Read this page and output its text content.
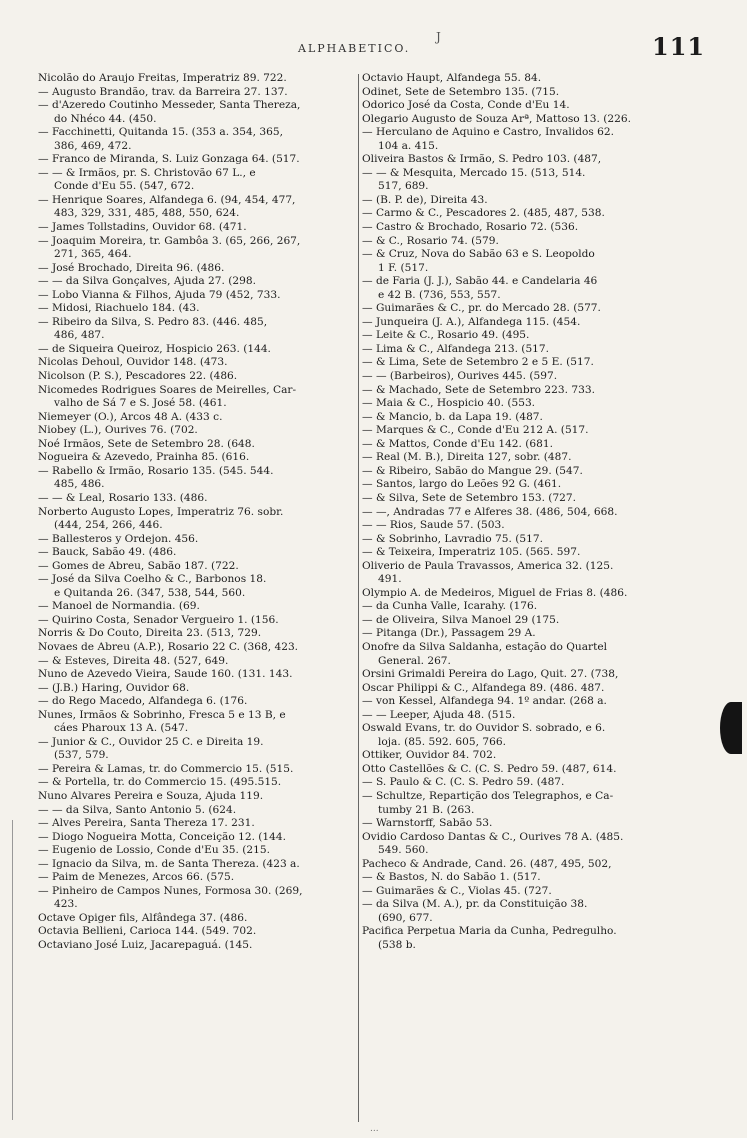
J
ALPHABETICO.	111
Nicolão do Araujo Freitas, Imperatriz 89. 722.
— Augusto Brandão, trav. da Barreira 27. 137.
— d'Azeredo Coutinho Messeder, Santa Thereza,
do Nhéco 44. (450.
— Facchinetti, Quitanda 15. (353 a. 354, 365,
386, 469, 472.
— Franco de Miranda, S. Luiz Gonzaga 64. (517.
— — & Irmãos, pr. S. Christovão 67 L., e
Conde d'Eu 55. (547, 672.
— Henrique Soares, Alfandega 6. (94, 454, 477,
483, 329, 331, 485, 488, 550, 624.
— James Tollstadins, Ouvidor 68. (471.
— Joaquim Moreira, tr. Gambôa 3. (65, 266, 267,
271, 365, 464.
— José Brochado, Direita 96. (486.
— — da Silva Gonçalves, Ajuda 27. (298.
— Lobo Vianna & Filhos, Ajuda 79 (452, 733.
— Midosi, Riachuelo 184. (43.
— Ribeiro da Silva, S. Pedro 83. (446. 485,
486, 487.
— de Siqueira Queiroz, Hospicio 263. (144.
Nicolas Dehoul, Ouvidor 148. (473.
Nicolson (P. S.), Pescadores 22. (486.
Nicomedes Rodrigues Soares de Meirelles, Car-
valho de Sá 7 e S. José 58. (461.
Niemeyer (O.), Arcos 48 A. (433 c.
Niobey (L.), Ourives 76. (702.
Noé Irmãos, Sete de Setembro 28. (648.
Nogueira & Azevedo, Prainha 85. (616.
— Rabello & Irmão, Rosario 135. (545. 544.
485, 486.
— — & Leal, Rosario 133. (486.
Norberto Augusto Lopes, Imperatriz 76. sobr.
(444, 254, 266, 446.
— Ballesteros y Ordejon. 456.
— Bauck, Sabão 49. (486.
— Gomes de Abreu, Sabão 187. (722.
— José da Silva Coelho & C., Barbonos 18.
e Quitanda 26. (347, 538, 544, 560.
— Manoel de Normandia. (69.
— Quirino Costa, Senador Vergueiro 1. (156.
Norris & Do Couto, Direita 23. (513, 729.
Novaes de Abreu (A.P.), Rosario 22 C. (368, 423.
— & Esteves, Direita 48. (527, 649.
Nuno de Azevedo Vieira, Saude 160. (131. 143.
— (J.B.) Haring, Ouvidor 68.
— do Rego Macedo, Alfandega 6. (176.
Nunes, Irmãos & Sobrinho, Fresca 5 e 13 B, e
cáes Pharoux 13 A. (547.
— Junior & C., Ouvidor 25 C. e Direita 19.
(537, 579.
— Pereira & Lamas, tr. do Commercio 15. (515.
— & Portella, tr. do Commercio 15. (495.515.
Nuno Alvares Pereira e Souza, Ajuda 119.
— — da Silva, Santo Antonio 5. (624.
— Alves Pereira, Santa Thereza 17. 231.
— Diogo Nogueira Motta, Conceição 12. (144.
— Eugenio de Lossio, Conde d'Eu 35. (215.
— Ignacio da Silva, m. de Santa Thereza. (423 a.
— Paim de Menezes, Arcos 66. (575.
— Pinheiro de Campos Nunes, Formosa 30. (269,
423.
Octave Opiger fils, Alfândega 37. (486.
Octavia Bellieni, Carioca 144. (549. 702.
Octaviano José Luiz, Jacarepaguá. (145.
Octavio Haupt, Alfandega 55. 84.
Odinet, Sete de Setembro 135. (715.
Odorico José da Costa, Conde d'Eu 14.
Olegario Augusto de Souza Arª, Mattoso 13. (226.
— Herculano de Aquino e Castro, Invalidos 62.
104 a. 415.
Oliveira Bastos & Irmão, S. Pedro 103. (487,
— — & Mesquita, Mercado 15. (513, 514.
517, 689.
— (B. P. de), Direita 43.
— Carmo & C., Pescadores 2. (485, 487, 538.
— Castro & Brochado, Rosario 72. (536.
— & C., Rosario 74. (579.
— & Cruz, Nova do Sabão 63 e S. Leopoldo
1 F. (517.
— de Faria (J. J.), Sabão 44. e Candelaria 46
e 42 B. (736, 553, 557.
— Guimarães & C., pr. do Mercado 28. (577.
— Junqueira (J. A.), Alfandega 115. (454.
— Leite & C., Rosario 49. (495.
— Lima & C., Alfandega 213. (517.
— & Lima, Sete de Setembro 2 e 5 E. (517.
— — (Barbeiros), Ourives 445. (597.
— & Machado, Sete de Setembro 223. 733.
— Maia & C., Hospicio 40. (553.
— & Mancio, b. da Lapa 19. (487.
— Marques & C., Conde d'Eu 212 A. (517.
— & Mattos, Conde d'Eu 142. (681.
— Real (M. B.), Direita 127, sobr. (487.
— & Ribeiro, Sabão do Mangue 29. (547.
— Santos, largo do Leões 92 G. (461.
— & Silva, Sete de Setembro 153. (727.
— —, Andradas 77 e Alferes 38. (486, 504, 668.
— — Rios, Saude 57. (503.
— & Sobrinho, Lavradio 75. (517.
— & Teixeira, Imperatriz 105. (565. 597.
Oliverio de Paula Travassos, America 32. (125.
491.
Olympio A. de Medeiros, Miguel de Frias 8. (486.
— da Cunha Valle, Icarahy. (176.
— de Oliveira, Silva Manoel 29 (175.
— Pitanga (Dr.), Passagem 29 A.
Onofre da Silva Saldanha, estação do Quartel
General. 267.
Orsini Grimaldi Pereira do Lago, Quit. 27. (738,
Oscar Philippi & C., Alfandega 89. (486. 487.
— von Kessel, Alfandega 94. 1º andar. (268 a.
— — Leeper, Ajuda 48. (515.
Oswald Evans, tr. do Ouvidor S. sobrado, e 6.
loja. (85. 592. 605, 766.
Ottiker, Ouvidor 84. 702.
Otto Castellões & C. (C. S. Pedro 59. (487, 614.
— S. Paulo & C. (C. S. Pedro 59. (487.
— Schultze, Repartição dos Telegraphos, e Ca-
tumby 21 B. (263.
— Warnstorff, Sabão 53.
Ovidio Cardoso Dantas & C., Ourives 78 A. (485.
549. 560.
Pacheco & Andrade, Cand. 26. (487, 495, 502,
— & Bastos, N. do Sabão 1. (517.
— Guimarães & C., Violas 45. (727.
— da Silva (M. A.), pr. da Constituição 38.
(690, 677.
Pacifica Perpetua Maria da Cunha, Pedregulho.
(538 b.
...
